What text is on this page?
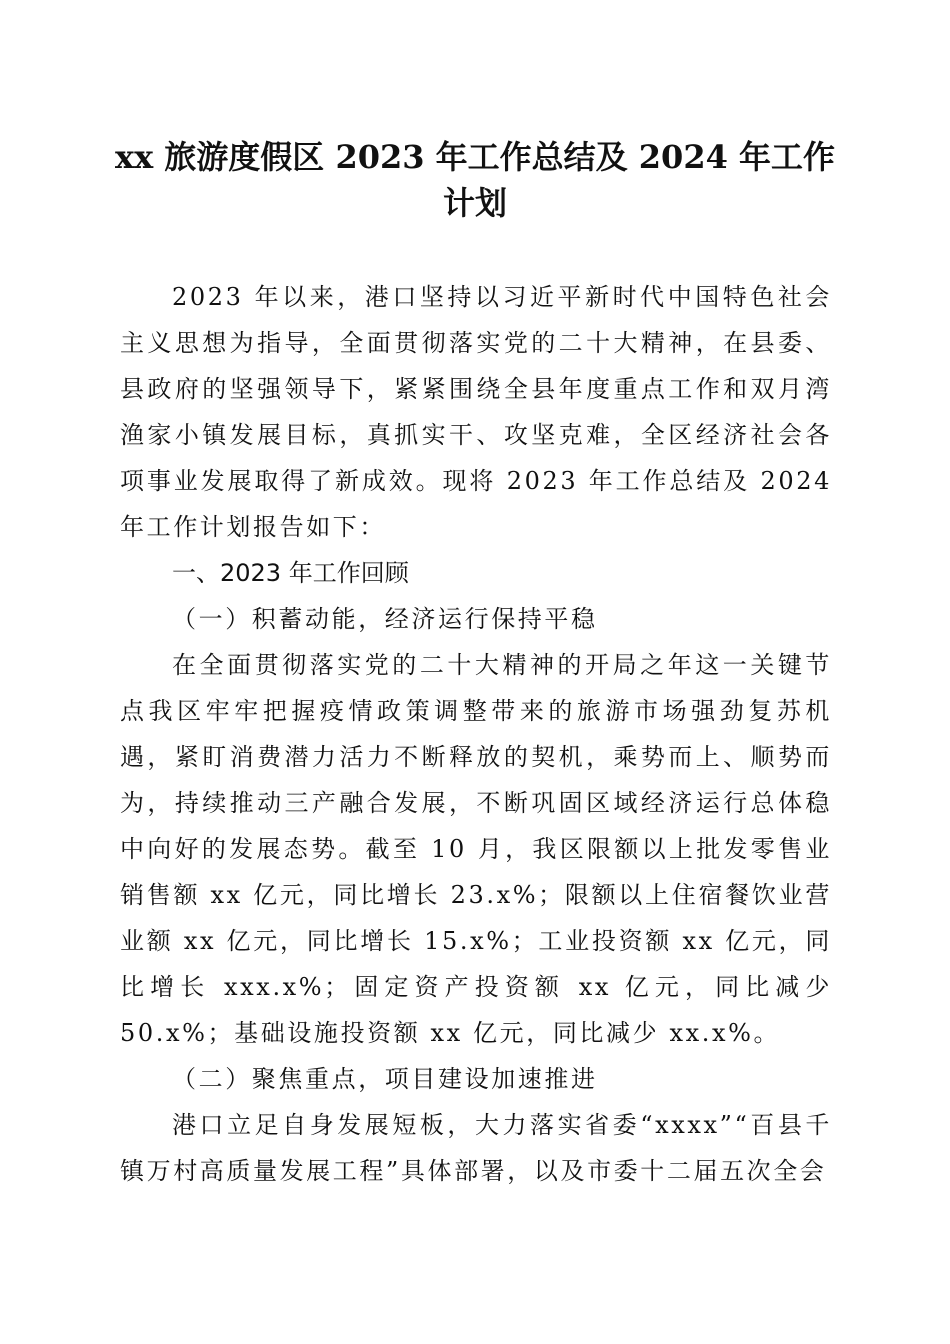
xx 旅游度假区 2023 年工作总结及 2024 年工作
计划

2023 年以来，港口坚持以习近平新时代中国特色社会主义思想为指导，全面贯彻落实党的二十大精神，在县委、县政府的坚强领导下，紧紧围绕全县年度重点工作和双月湾渔家小镇发展目标，真抓实干、攻坚克难，全区经济社会各项事业发展取得了新成效。现将 2023 年工作总结及 2024 年工作计划报告如下：

一、2023 年工作回顾

（一）积蓄动能，经济运行保持平稳

在全面贯彻落实党的二十大精神的开局之年这一关键节点我区牢牢把握疫情政策调整带来的旅游市场强劲复苏机遇，紧盯消费潜力活力不断释放的契机，乘势而上、顺势而为，持续推动三产融合发展，不断巩固区域经济运行总体稳中向好的发展态势。截至 10 月，我区限额以上批发零售业销售额 xx 亿元，同比增长 23.x%；限额以上住宿餐饮业营业额 xx 亿元，同比增长 15.x%；工业投资额 xx 亿元，同比增长 xxx.x%；固定资产投资额 xx 亿元，同比减少 50.x%；基础设施投资额 xx 亿元，同比减少 xx.x%。

（二）聚焦重点，项目建设加速推进

港口立足自身发展短板，大力落实省委“xxxx”“百县千镇万村高质量发展工程”具体部署，以及市委十二届五次全会
